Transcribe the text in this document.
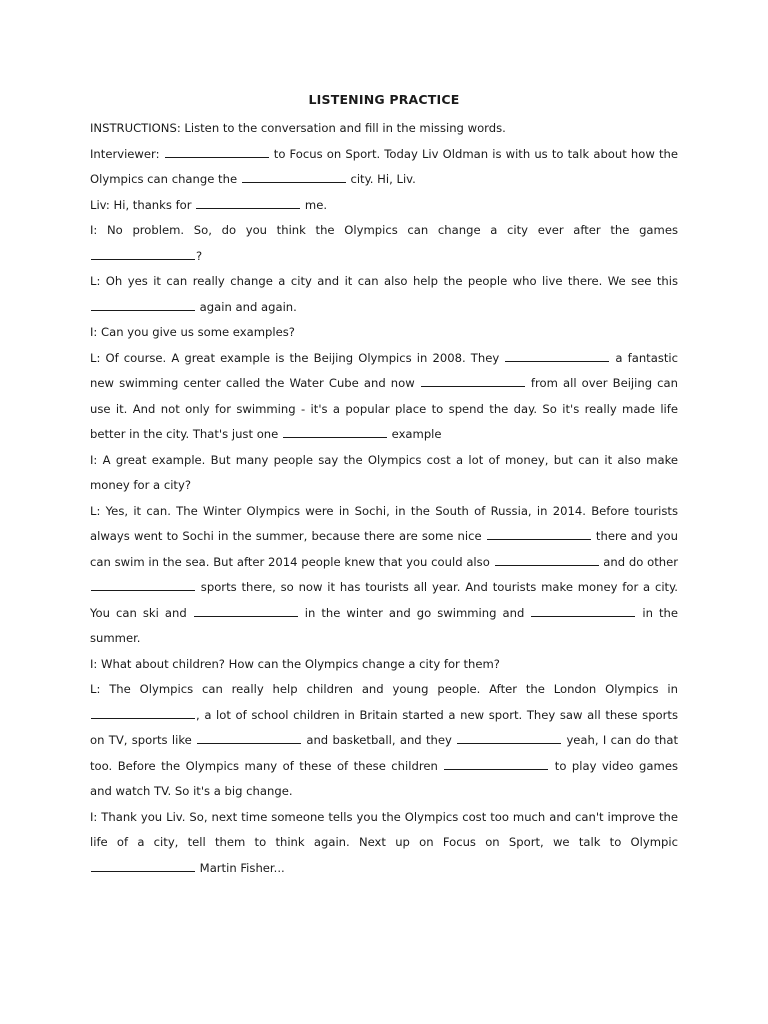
LISTENING PRACTICE

INSTRUCTIONS: Listen to the conversation and fill in the missing words.

Interviewer:	to Focus on Sport. Today Liv Oldman is with us to talk about how the Olympics can change the	city. Hi, Liv.

Liv: Hi, thanks for	me.

I: No problem. So, do you think the Olympics can change a city ever after the games ?

L: Oh yes it can really change a city and it can also help the people who live there. We see this  again and again.

I: Can you give us some examples?

L: Of course. A great example is the Beijing Olympics in 2008. They	a fantastic new swimming center called the Water Cube and now	from all over Beijing can use it. And not only for swimming - it's a popular place to spend the day. So it's really made life better in the city. That's just one	example

I: A great example. But many people say the Olympics cost a lot of money, but can it also make money for a city?

L: Yes, it can. The Winter Olympics were in Sochi, in the South of Russia, in 2014. Before tourists always went to Sochi in the summer, because there are some nice	there and you can swim in the sea. But after 2014 people knew that you could also	and do other  sports there, so now it has tourists all year. And tourists make money for a city. You can ski and	in the winter and go swimming and	in the summer.

I: What about children? How can the Olympics change a city for them?

L: The Olympics can really help children and young people. After the London Olympics in , a lot of school children in Britain started a new sport. They saw all these sports on TV, sports like	and basketball, and they	yeah, I can do that too. Before the Olympics many of these of these children	to play video games and watch TV. So it's a big change.

I: Thank you Liv. So, next time someone tells you the Olympics cost too much and can't improve the life of a city, tell them to think again. Next up on Focus on Sport, we talk to Olympic  Martin Fisher...
